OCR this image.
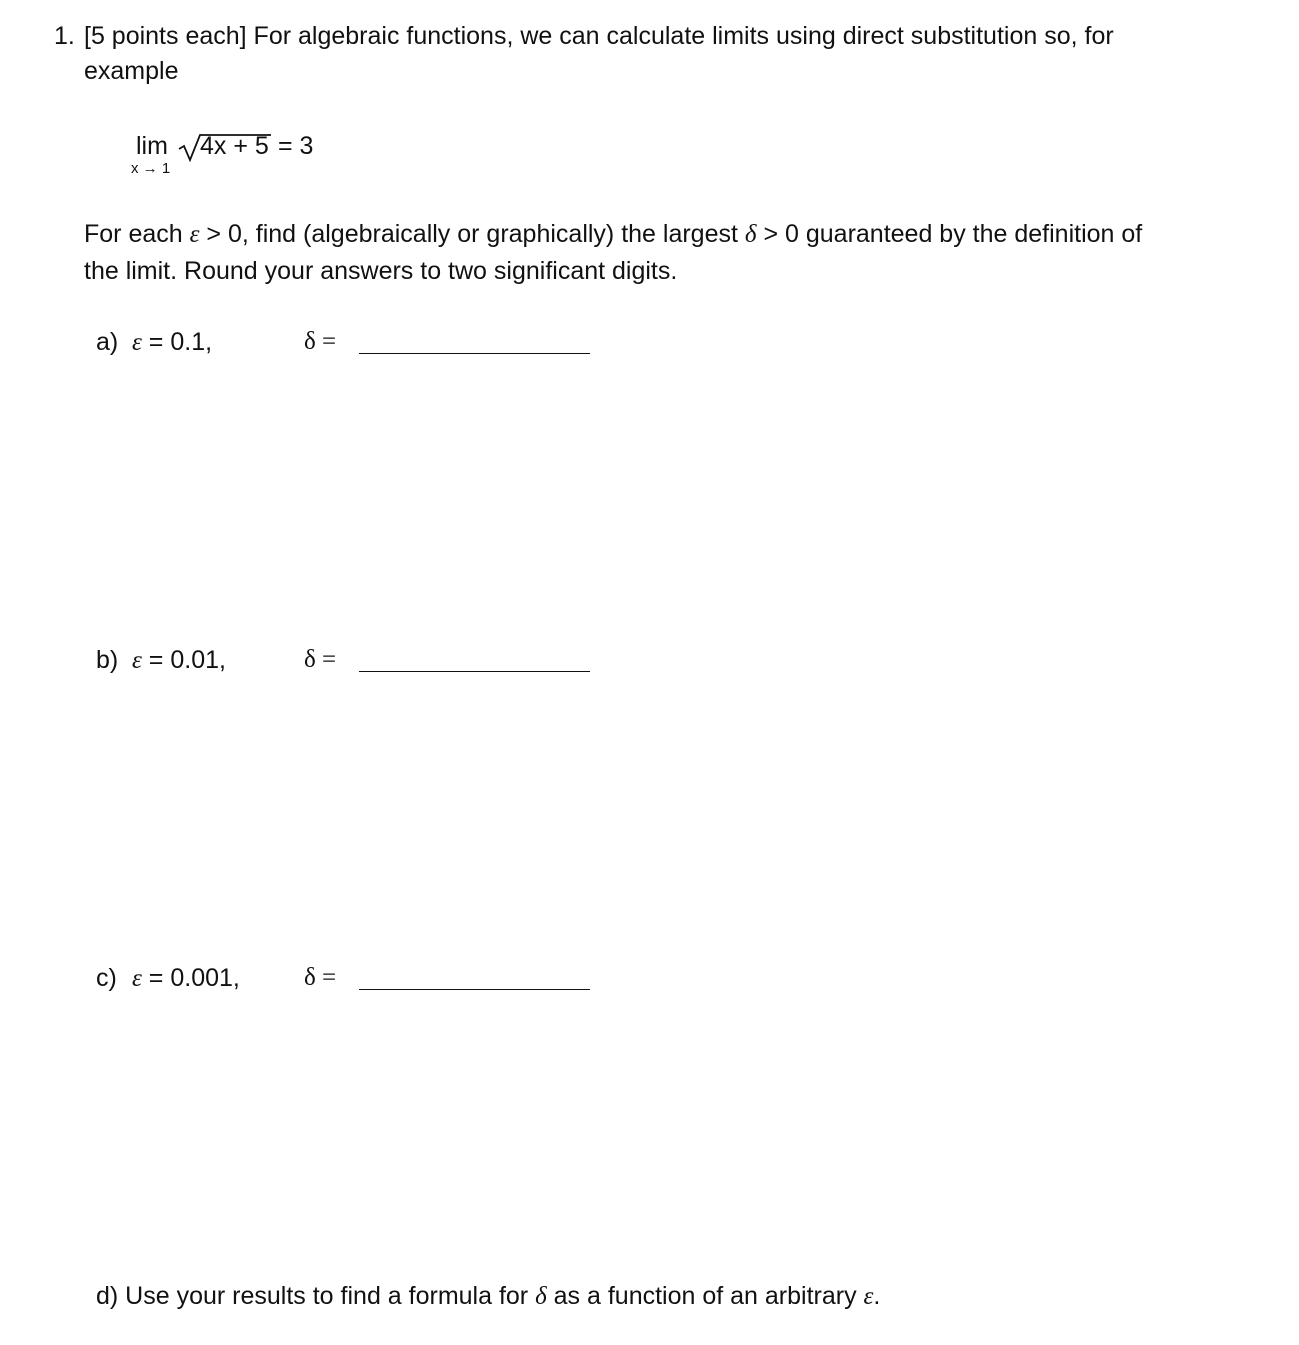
1. [5 points each] For algebraic functions, we can calculate limits using direct substitution so, for
example
lim
x → 1
4x + 5 = 3
For each ε > 0, find (algebraically or graphically) the largest δ > 0 guaranteed by the definition of
the limit. Round your answers to two significant digits.
a) ε = 0.1,	δ =
b) ε = 0.01,	δ =
c) ε = 0.001,	δ =
d) Use your results to find a formula for δ as a function of an arbitrary ε.
